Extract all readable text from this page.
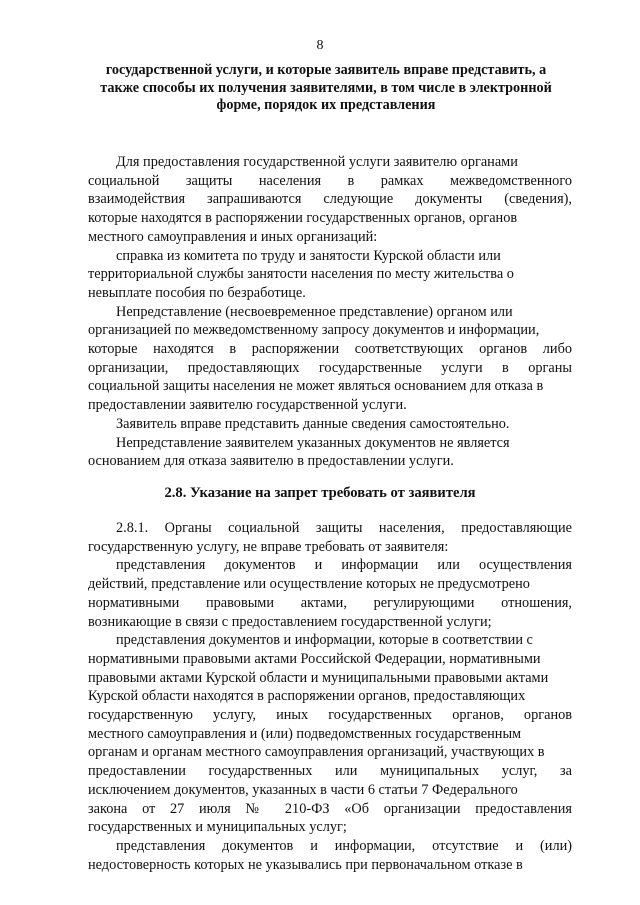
8
государственной услуги, и которые заявитель вправе представить, а
также способы их получения заявителями, в том числе в электронной
форме, порядок их представления
Для предоставления государственной услуги заявителю органами
социальной защиты населения в рамках межведомственного
взаимодействия запрашиваются следующие документы (сведения),
которые находятся в распоряжении государственных органов, органов
местного самоуправления и иных организаций:
справка из комитета по труду и занятости Курской области или
территориальной службы занятости населения по месту жительства о
невыплате пособия по безработице.
Непредставление (несвоевременное представление) органом или
организацией по межведомственному запросу документов и информации,
которые находятся в распоряжении соответствующих органов либо
организации, предоставляющих государственные услуги в органы
социальной защиты населения не может являться основанием для отказа в
предоставлении заявителю государственной услуги.
Заявитель вправе представить данные сведения самостоятельно.
Непредставление заявителем указанных документов не является
основанием для отказа заявителю в предоставлении услуги.
2.8. Указание на запрет требовать от заявителя
2.8.1. Органы социальной защиты населения, предоставляющие
государственную услугу, не вправе требовать от заявителя:
представления документов и информации или осуществления
действий, представление или осуществление которых не предусмотрено
нормативными правовыми актами, регулирующими отношения,
возникающие в связи с предоставлением государственной услуги;
представления документов и информации, которые в соответствии с
нормативными правовыми актами Российской Федерации, нормативными
правовыми актами Курской области и муниципальными правовыми актами
Курской области находятся в распоряжении органов, предоставляющих
государственную услугу, иных государственных органов, органов
местного самоуправления и (или) подведомственных государственным
органам и органам местного самоуправления организаций, участвующих в
предоставлении государственных или муниципальных услуг, за
исключением документов, указанных в части 6 статьи 7 Федерального
закона от 27 июля № 210-ФЗ «Об организации предоставления
государственных и муниципальных услуг;
представления документов и информации, отсутствие и (или)
недостоверность которых не указывались при первоначальном отказе в
